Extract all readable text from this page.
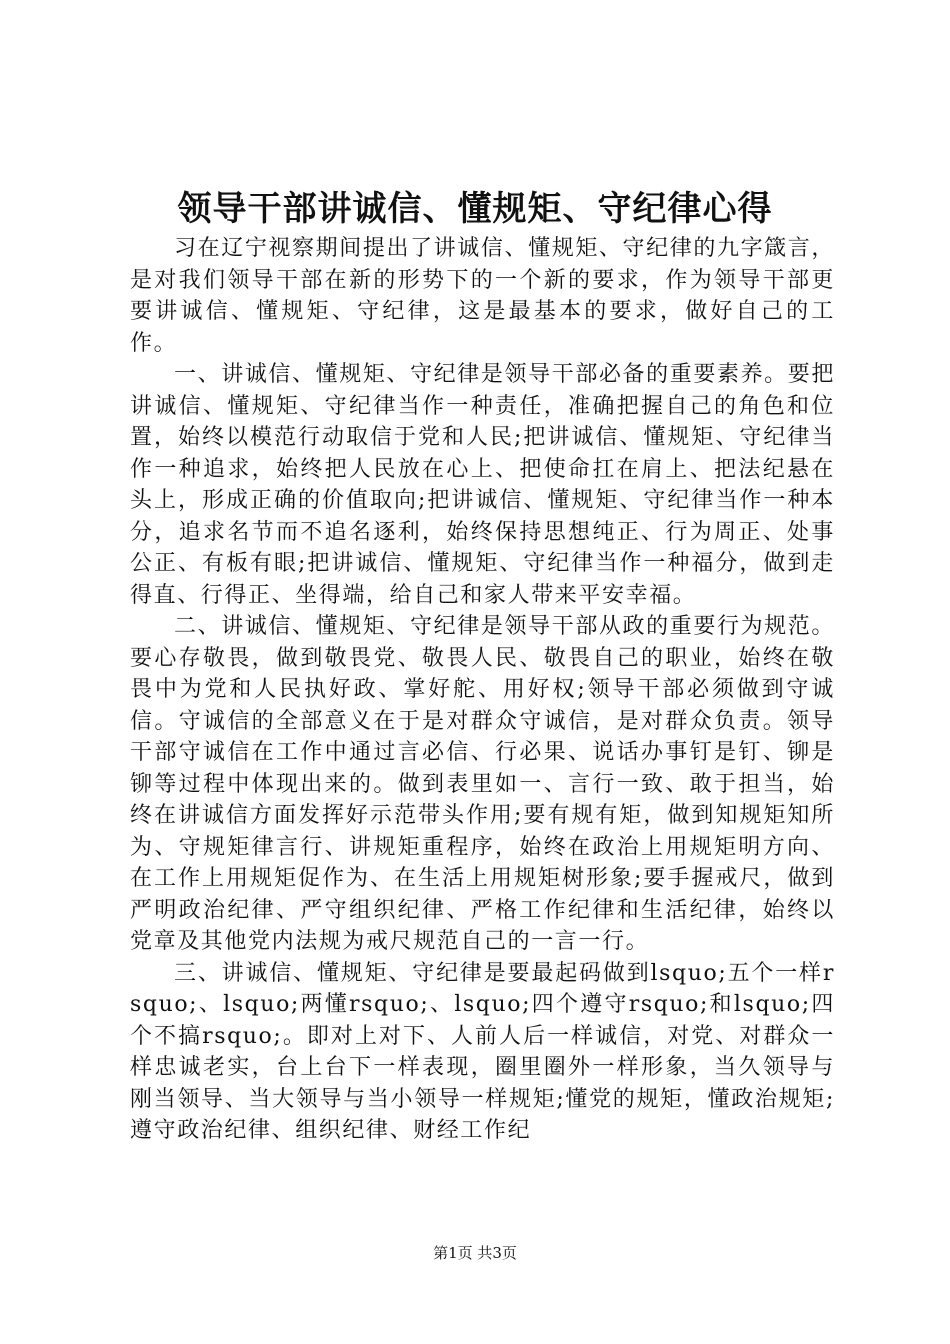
领导干部讲诚信、懂规矩、守纪律心得

习在辽宁视察期间提出了讲诚信、懂规矩、守纪律的九字箴言，是对我们领导干部在新的形势下的一个新的要求，作为领导干部更要讲诚信、懂规矩、守纪律，这是最基本的要求，做好自己的工作。

一、讲诚信、懂规矩、守纪律是领导干部必备的重要素养。要把讲诚信、懂规矩、守纪律当作一种责任，准确把握自己的角色和位置，始终以模范行动取信于党和人民;把讲诚信、懂规矩、守纪律当作一种追求，始终把人民放在心上、把使命扛在肩上、把法纪悬在头上，形成正确的价值取向;把讲诚信、懂规矩、守纪律当作一种本分，追求名节而不追名逐利，始终保持思想纯正、行为周正、处事公正、有板有眼;把讲诚信、懂规矩、守纪律当作一种福分，做到走得直、行得正、坐得端，给自己和家人带来平安幸福。

二、讲诚信、懂规矩、守纪律是领导干部从政的重要行为规范。要心存敬畏，做到敬畏党、敬畏人民、敬畏自己的职业，始终在敬畏中为党和人民执好政、掌好舵、用好权;领导干部必须做到守诚信。守诚信的全部意义在于是对群众守诚信，是对群众负责。领导干部守诚信在工作中通过言必信、行必果、说话办事钉是钉、铆是铆等过程中体现出来的。做到表里如一、言行一致、敢于担当，始终在讲诚信方面发挥好示范带头作用;要有规有矩，做到知规矩知所为、守规矩律言行、讲规矩重程序，始终在政治上用规矩明方向、在工作上用规矩促作为、在生活上用规矩树形象;要手握戒尺，做到严明政治纪律、严守组织纪律、严格工作纪律和生活纪律，始终以党章及其他党内法规为戒尺规范自己的一言一行。

三、讲诚信、懂规矩、守纪律是要最起码做到lsquo;五个一样rsquo;、lsquo;两懂rsquo;、lsquo;四个遵守rsquo;和lsquo;四个不搞rsquo;。即对上对下、人前人后一样诚信，对党、对群众一样忠诚老实，台上台下一样表现，圈里圈外一样形象，当久领导与刚当领导、当大领导与当小领导一样规矩;懂党的规矩，懂政治规矩;遵守政治纪律、组织纪律、财经工作纪

第1页 共3页
